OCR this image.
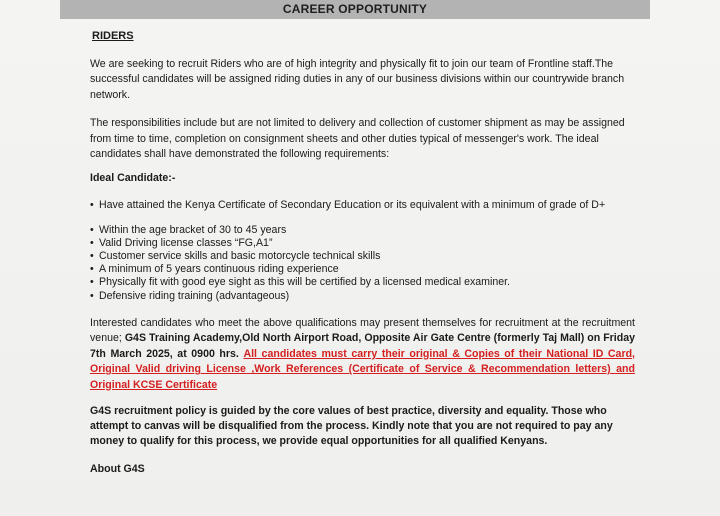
CAREER OPPORTUNITY
RIDERS

We are seeking to recruit Riders who are of high integrity and physically fit to join our team of Frontline staff.The successful candidates will be assigned riding duties in any of our business divisions within our countrywide branch network.

The responsibilities include but are not limited to delivery and collection of customer shipment as may be assigned from time to time, completion on consignment sheets and other duties typical of messenger's work. The ideal candidates shall have demonstrated the following requirements:

Ideal Candidate:-
• Have attained the Kenya Certificate of Secondary Education or its equivalent with a minimum of grade of D+
• Within the age bracket of 30 to 45 years
• Valid Driving license classes “FG,A1”
• Customer service skills and basic motorcycle technical skills
• A minimum of 5 years continuous riding experience
• Physically fit with good eye sight as this will be certified by a licensed medical examiner.
• Defensive riding training (advantageous)

Interested candidates who meet the above qualifications may present themselves for recruitment at the recruitment venue; G4S Training Academy,Old North Airport Road, Opposite Air Gate Centre (formerly Taj Mall) on Friday 7th March 2025, at 0900 hrs. All candidates must carry their original & Copies of their National ID Card, Original Valid driving License ,Work References (Certificate of Service & Recommendation letters) and Original KCSE Certificate

G4S recruitment policy is guided by the core values of best practice, diversity and equality. Those who attempt to canvas will be disqualified from the process. Kindly note that you are not required to pay any money to qualify for this process, we provide equal opportunities for all qualified Kenyans.

About G4S
